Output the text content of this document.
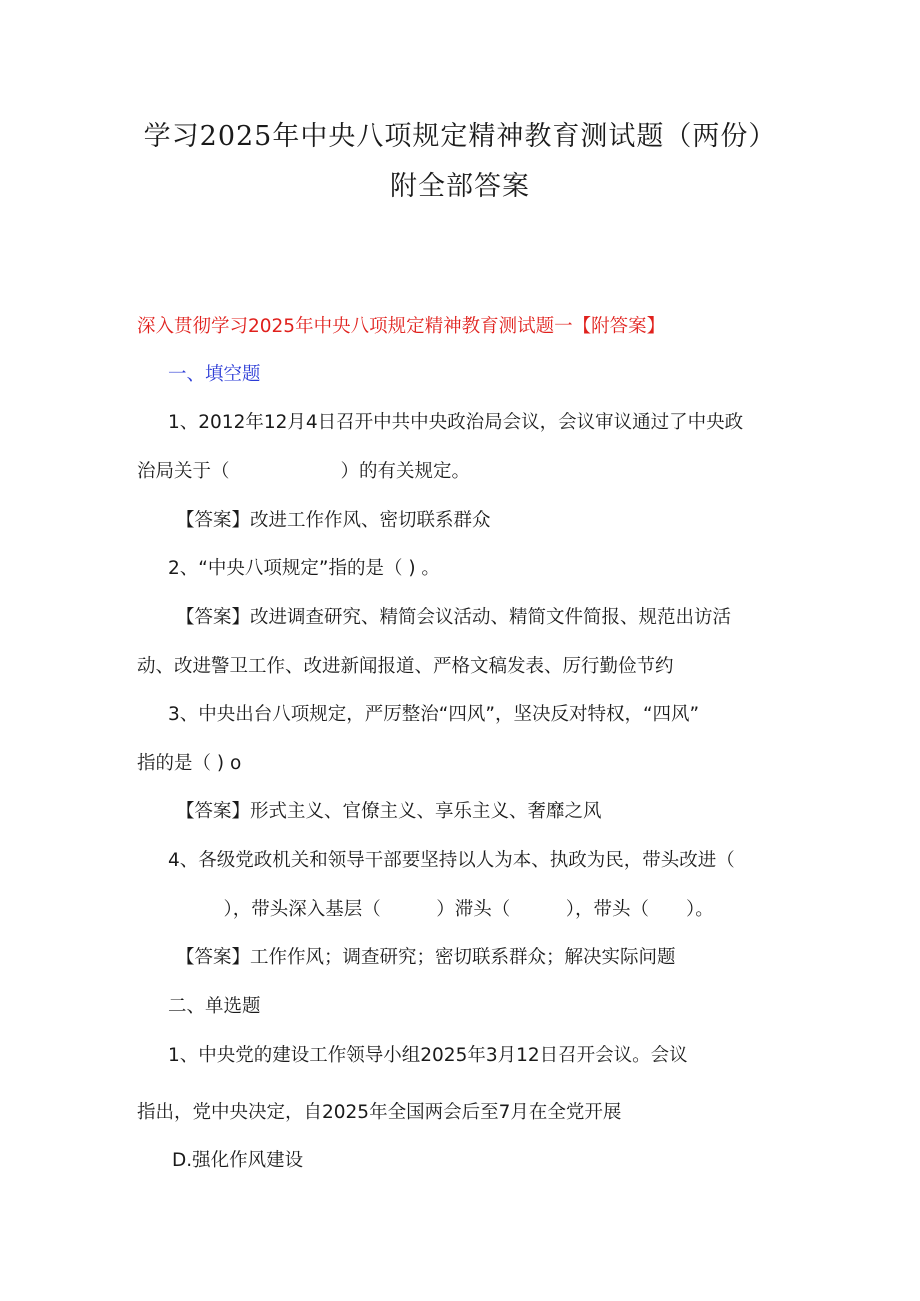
学习2025年中央八项规定精神教育测试题（两份）
附全部答案
深入贯彻学习2025年中央八项规定精神教育测试题一【附答案】
一、填空题
1、2012年12月4日召开中共中央政治局会议，会议审议通过了中央政
治局关于（　　　　　　）的有关规定。
【答案】改进工作作风、密切联系群众
2、“中央八项规定”指的是（ ) 。
【答案】改进调查研究、精简会议活动、精简文件简报、规范出访活
动、改进警卫工作、改进新闻报道、严格文稿发表、厉行勤俭节约
3、中央出台八项规定，严厉整治“四风”，坚决反对特权，“四风”
指的是（ ) o
【答案】形式主义、官僚主义、享乐主义、奢靡之风
4、各级党政机关和领导干部要坚持以人为本、执政为民，带头改进（
　　　），带头深入基层（　　　）滞头（　　　），带头（　　）。
【答案】工作作风；调查研究；密切联系群众；解决实际问题
二、单选题
1、中央党的建设工作领导小组2025年3月12日召开会议。会议
指出，党中央决定，自2025年全国两会后至7月在全党开展
D.强化作风建设
